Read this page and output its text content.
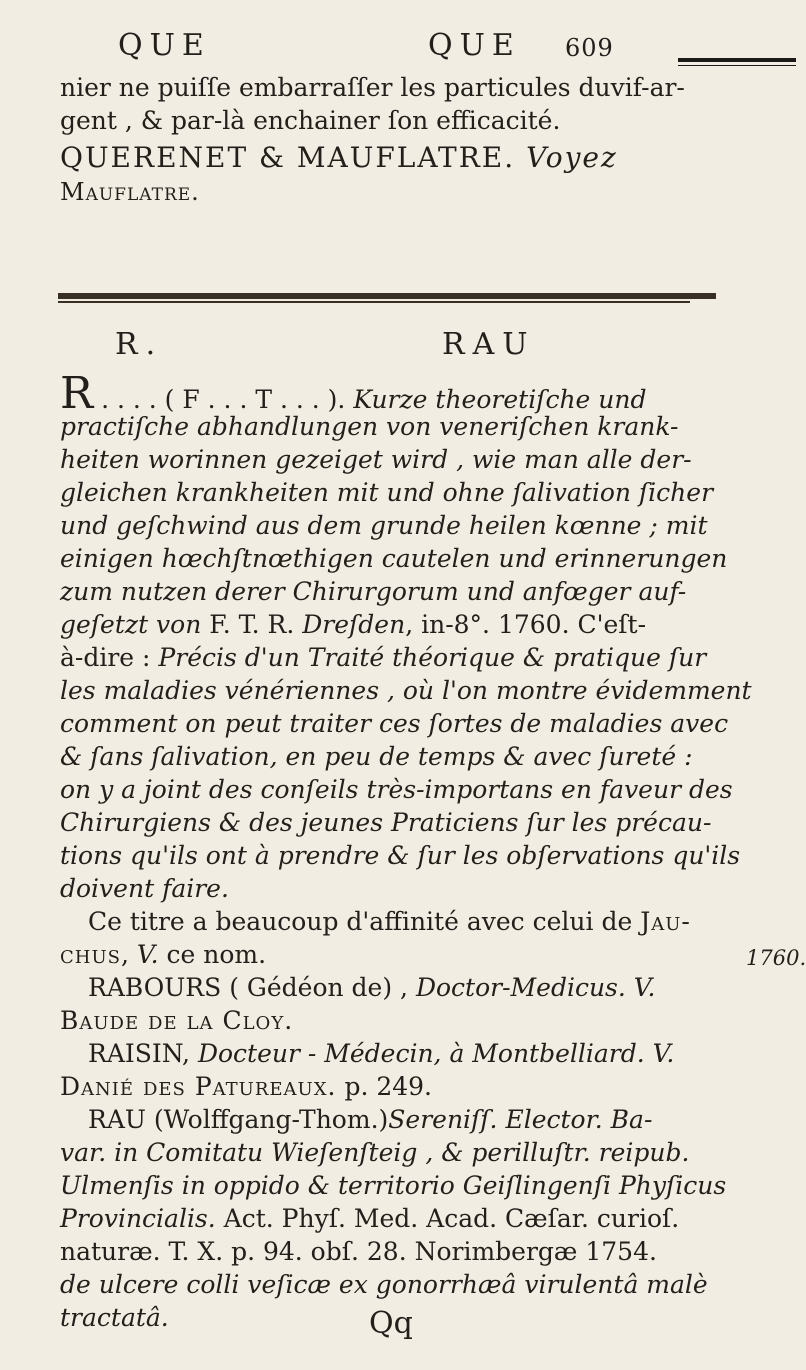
QUE	QUE 609
nier ne puiſſe embarraſſer les particules duvif-ar-
gent , & par-là enchainer ſon efficacité.
QUERENET & MAUFLATRE. Voyez
Mauflatre.
R.	RAU
R . . . . ( F . . . T . . . ). Kurze theoretiſche und
practiſche abhandlungen von veneriſchen krank-
heiten worinnen gezeiget wird , wie man alle der-
gleichen krankheiten mit und ohne ſalivation ſicher
und geſchwind aus dem grunde heilen kœnne ; mit
einigen hœchſtnœthigen cautelen und erinnerungen
zum nutzen derer Chirurgorum und anfœger auf-
geſetzt von F. T. R. Dreſden, in-8°. 1760. C'eſt-
à-dire : Précis d'un Traité théorique & pratique ſur
les maladies vénériennes , où l'on montre évidemment
comment on peut traiter ces ſortes de maladies avec
& ſans ſalivation, en peu de temps & avec ſureté :
on y a joint des conſeils très-importans en faveur des
Chirurgiens & des jeunes Praticiens ſur les précau-
tions qu'ils ont à prendre & ſur les obſervations qu'ils
doivent faire.
Ce titre a beaucoup d'affinité avec celui de Jau-
chus, V. ce nom.	1760.
RABOURS ( Gédéon de) , Doctor-Medicus. V.
Baude de la Cloy.
RAISIN, Docteur - Médecin, à Montbelliard. V.
Danié des Patureaux. p. 249.
RAU (Wolffgang-Thom.)Sereniſſ. Elector. Ba-
var. in Comitatu Wieſenſteig , & perilluſtr. reipub.
Ulmenſis in oppido & territorio Geiſlingenſi Phyſicus
Provincialis. Act. Phyſ. Med. Acad. Cæſar. curioſ.
naturæ. T. X. p. 94. obſ. 28. Norimbergæ 1754.
de ulcere colli veſicæ ex gonorrhæâ virulentâ malè
tractatâ.	Qq
